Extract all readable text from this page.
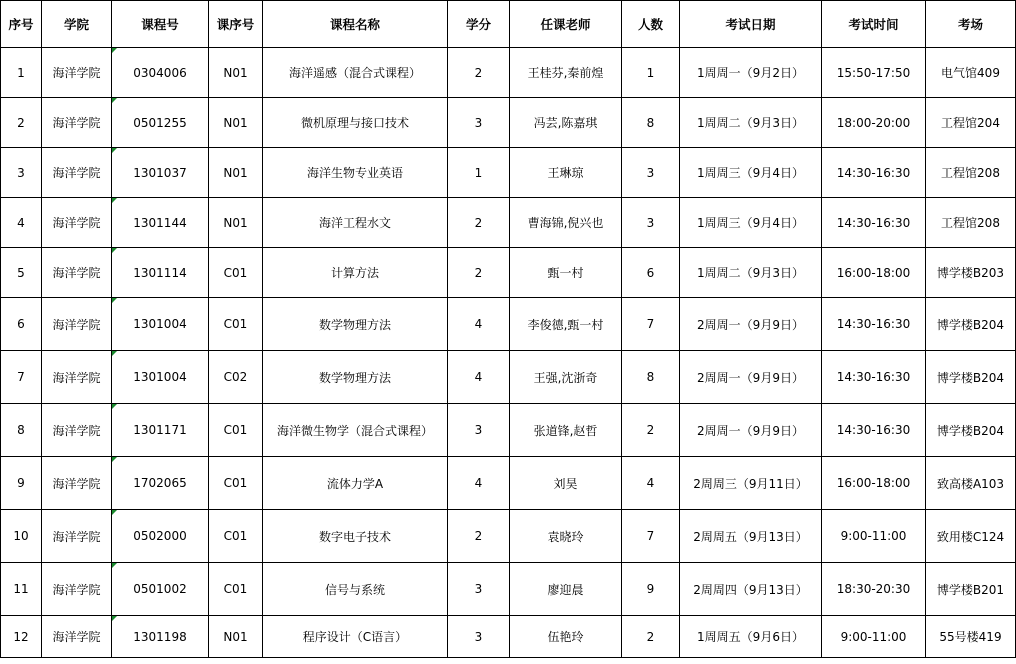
序号	学院	课程号	课序号	课程名称	学分	任课老师	人数	考试日期	考试时间	考场
1	海洋学院	0304006	N01	海洋遥感（混合式课程）	2	王桂芬,秦前煌	1	1周周一（9月2日）	15:50-17:50	电气馆409
2	海洋学院	0501255	N01	微机原理与接口技术	3	冯芸,陈嘉琪	8	1周周二（9月3日）	18:00-20:00	工程馆204
3	海洋学院	1301037	N01	海洋生物专业英语	1	王琳琼	3	1周周三（9月4日）	14:30-16:30	工程馆208
4	海洋学院	1301144	N01	海洋工程水文	2	曹海锦,倪兴也	3	1周周三（9月4日）	14:30-16:30	工程馆208
5	海洋学院	1301114	C01	计算方法	2	甄一村	6	1周周二（9月3日）	16:00-18:00	博学楼B203
6	海洋学院	1301004	C01	数学物理方法	4	李俊德,甄一村	7	2周周一（9月9日）	14:30-16:30	博学楼B204
7	海洋学院	1301004	C02	数学物理方法	4	王强,沈浙奇	8	2周周一（9月9日）	14:30-16:30	博学楼B204
8	海洋学院	1301171	C01	海洋微生物学（混合式课程）	3	张道锋,赵哲	2	2周周一（9月9日）	14:30-16:30	博学楼B204
9	海洋学院	1702065	C01	流体力学A	4	刘昊	4	2周周三（9月11日）	16:00-18:00	致高楼A103
10	海洋学院	0502000	C01	数字电子技术	2	袁晓玲	7	2周周五（9月13日）	9:00-11:00	致用楼C124
11	海洋学院	0501002	C01	信号与系统	3	廖迎晨	9	2周周四（9月13日）	18:30-20:30	博学楼B201
12	海洋学院	1301198	N01	程序设计（C语言）	3	伍艳玲	2	1周周五（9月6日）	9:00-11:00	55号楼419
